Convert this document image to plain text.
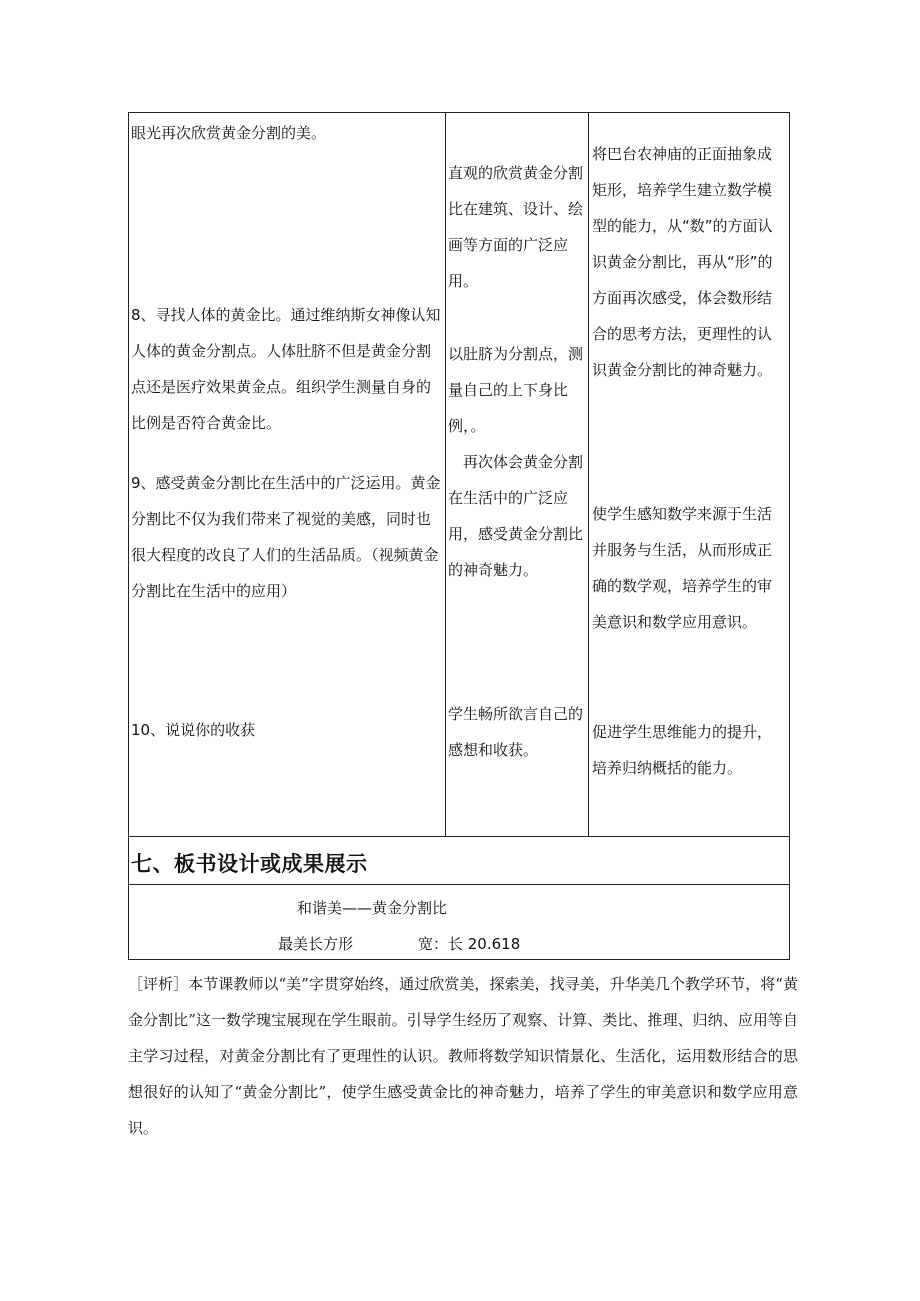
眼光再次欣赏黄金分割的美。

8、寻找人体的黄金比。通过维纳斯女神像认知人体的黄金分割点。人体肚脐不但是黄金分割点还是医疗效果黄金点。组织学生测量自身的比例是否符合黄金比。

9、感受黄金分割比在生活中的广泛运用。黄金分割比不仅为我们带来了视觉的美感，同时也很大程度的改良了人们的生活品质。（视频黄金分割比在生活中的应用）

10、说说你的收获

直观的欣赏黄金分割比在建筑、设计、绘画等方面的广泛应用。

以肚脐为分割点，测量自己的上下身比例，。

再次体会黄金分割在生活中的广泛应用，感受黄金分割比的神奇魅力。

学生畅所欲言自己的感想和收获。

将巴台农神庙的正面抽象成矩形，培养学生建立数学模型的能力，从“数”的方面认识黄金分割比，再从“形”的方面再次感受，体会数形结合的思考方法，更理性的认识黄金分割比的神奇魅力。

使学生感知数学来源于生活并服务与生活，从而形成正确的数学观，培养学生的审美意识和数学应用意识。

促进学生思维能力的提升，培养归纳概括的能力。

七、板书设计或成果展示
和谐美——黄金分割比
最美长方形	宽：长 20.618

［评析］本节课教师以“美”字贯穿始终，通过欣赏美，探索美，找寻美，升华美几个教学环节，将“黄金分割比”这一数学瑰宝展现在学生眼前。引导学生经历了观察、计算、类比、推理、归纳、应用等自主学习过程，对黄金分割比有了更理性的认识。教师将数学知识情景化、生活化，运用数形结合的思想很好的认知了“黄金分割比”，使学生感受黄金比的神奇魅力，培养了学生的审美意识和数学应用意识。
